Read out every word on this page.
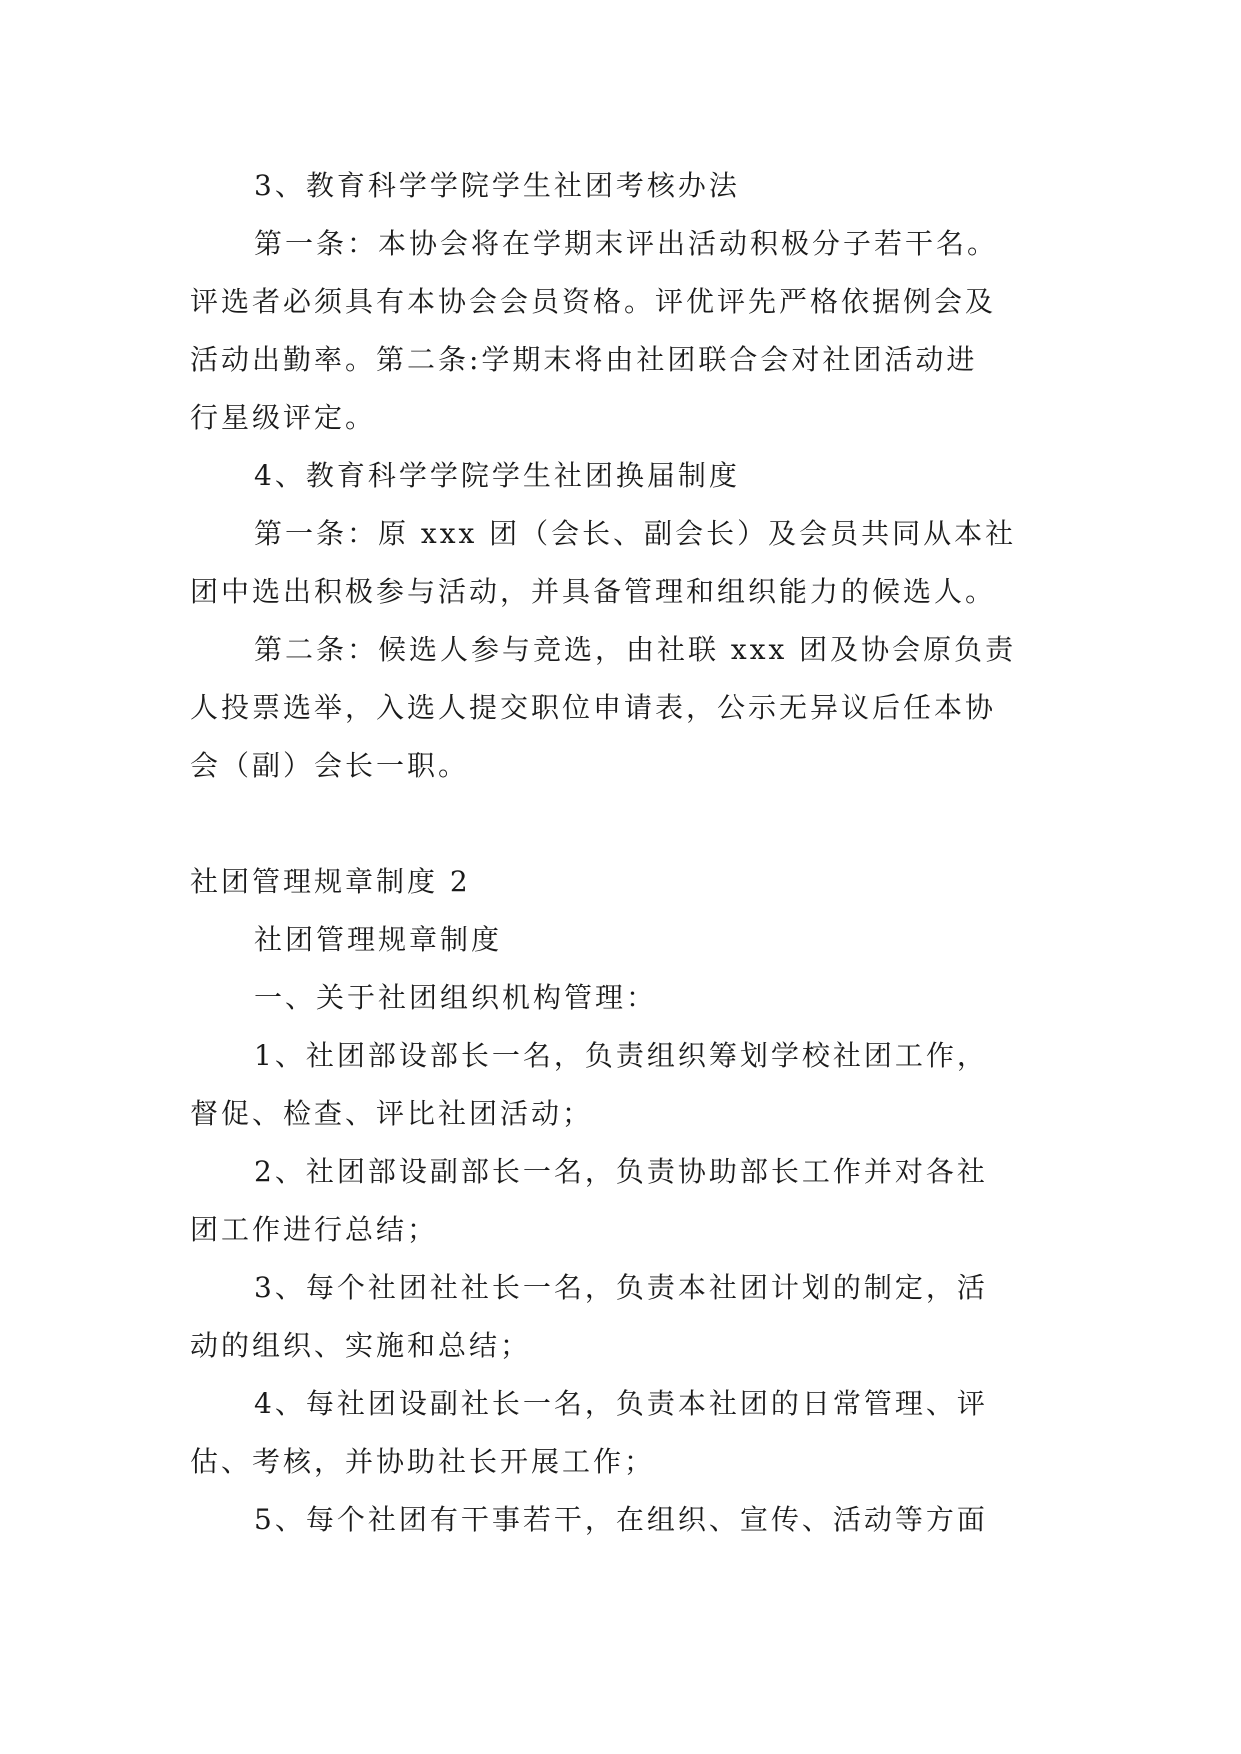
3、教育科学学院学生社团考核办法
第一条：本协会将在学期末评出活动积极分子若干名。
评选者必须具有本协会会员资格。评优评先严格依据例会及
活动出勤率。第二条:学期末将由社团联合会对社团活动进
行星级评定。
4、教育科学学院学生社团换届制度
第一条：原 xxx 团（会长、副会长）及会员共同从本社
团中选出积极参与活动，并具备管理和组织能力的候选人。
第二条：候选人参与竞选，由社联 xxx 团及协会原负责
人投票选举，入选人提交职位申请表，公示无异议后任本协
会（副）会长一职。
社团管理规章制度 2
社团管理规章制度
一、关于社团组织机构管理：
1、社团部设部长一名，负责组织筹划学校社团工作，
督促、检查、评比社团活动；
2、社团部设副部长一名，负责协助部长工作并对各社
团工作进行总结；
3、每个社团社社长一名，负责本社团计划的制定，活
动的组织、实施和总结；
4、每社团设副社长一名，负责本社团的日常管理、评
估、考核，并协助社长开展工作；
5、每个社团有干事若干，在组织、宣传、活动等方面
